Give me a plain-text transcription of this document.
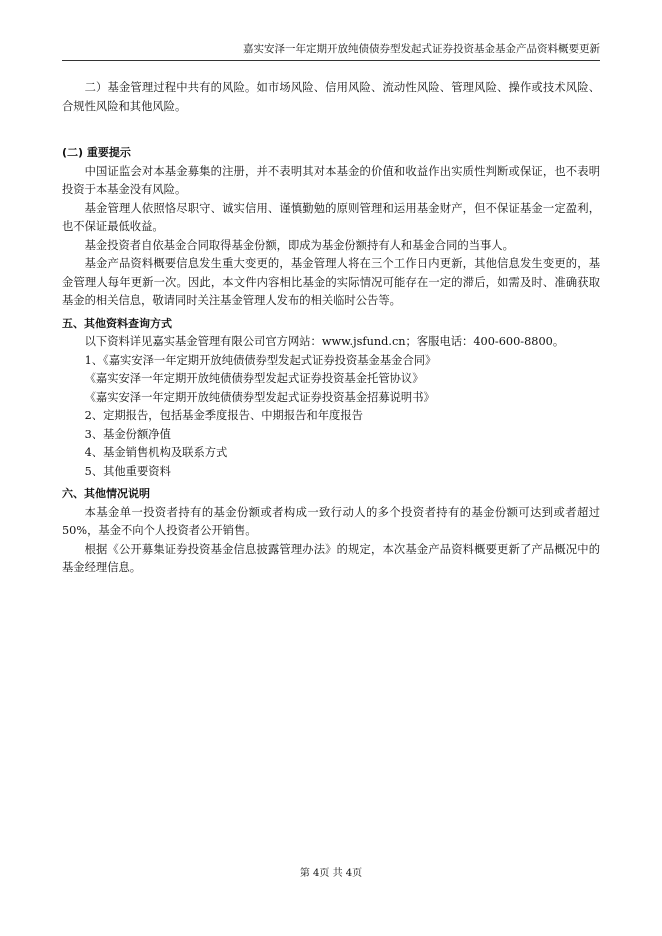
嘉实安泽一年定期开放纯债债券型发起式证券投资基金基金产品资料概要更新

二）基金管理过程中共有的风险。如市场风险、信用风险、流动性风险、管理风险、操作或技术风险、合规性风险和其他风险。

(二) 重要提示

中国证监会对本基金募集的注册，并不表明其对本基金的价值和收益作出实质性判断或保证，也不表明投资于本基金没有风险。

基金管理人依照恪尽职守、诚实信用、谨慎勤勉的原则管理和运用基金财产，但不保证基金一定盈利，也不保证最低收益。

基金投资者自依基金合同取得基金份额，即成为基金份额持有人和基金合同的当事人。

基金产品资料概要信息发生重大变更的，基金管理人将在三个工作日内更新，其他信息发生变更的，基金管理人每年更新一次。因此，本文件内容相比基金的实际情况可能存在一定的滞后，如需及时、准确获取基金的相关信息，敬请同时关注基金管理人发布的相关临时公告等。

五、其他资料查询方式

以下资料详见嘉实基金管理有限公司官方网站：www.jsfund.cn；客服电话：400-600-8800。

1、《嘉实安泽一年定期开放纯债债券型发起式证券投资基金基金合同》

《嘉实安泽一年定期开放纯债债券型发起式证券投资基金托管协议》

《嘉实安泽一年定期开放纯债债券型发起式证券投资基金招募说明书》

2、定期报告，包括基金季度报告、中期报告和年度报告

3、基金份额净值

4、基金销售机构及联系方式

5、其他重要资料

六、其他情况说明

本基金单一投资者持有的基金份额或者构成一致行动人的多个投资者持有的基金份额可达到或者超过50%，基金不向个人投资者公开销售。

根据《公开募集证券投资基金信息披露管理办法》的规定，本次基金产品资料概要更新了产品概况中的基金经理信息。

第 4页 共 4页
